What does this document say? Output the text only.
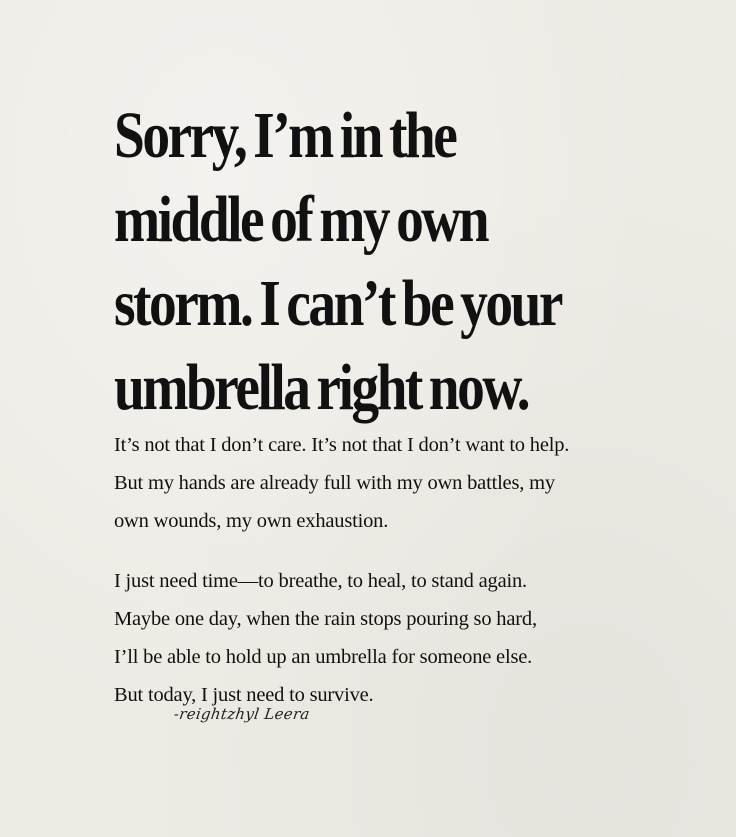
Sorry, I’m in the
middle of my own
storm. I can’t be your
umbrella right now.

It’s not that I don’t care. It’s not that I don’t want to help.
But my hands are already full with my own battles, my
own wounds, my own exhaustion.

I just need time—to breathe, to heal, to stand again.
Maybe one day, when the rain stops pouring so hard,
I’ll be able to hold up an umbrella for someone else.
But today, I just need to survive.

-reightzhyl Leera
